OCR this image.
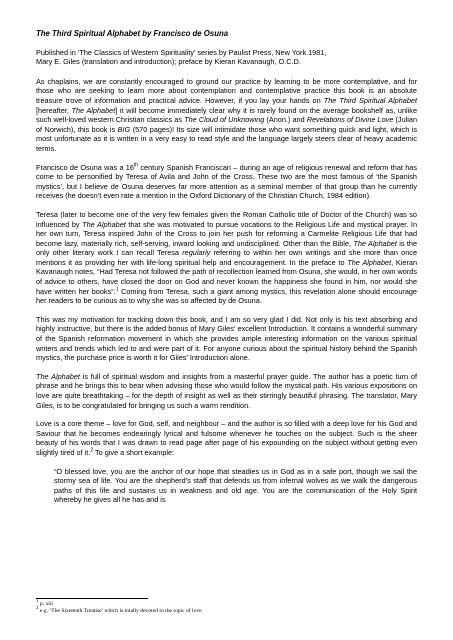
The Third Spiritual Alphabet by Francisco de Osuna

Published in ‘The Classics of Western Spirituality’ series by Paulist Press, New York.1981,
Mary E. Giles (translation and introduction); preface by Kieran Kavanaugh, O.C.D.

As chaplains, we are constantly encouraged to ground our practice by learning to be more contemplative, and for those who are seeking to learn more about contemplation and contemplative practice this book is an absolute treasure trove of information and practical advice. However, if you lay your hands on The Third Spiritual Alphabet [hereafter, The Alphabet] it will become immediately clear why it is rarely found on the average bookshelf as, unlike such well-loved western Christian classics as The Cloud of Unknowing (Anon.) and Revelations of Divine Love (Julian of Norwich), this book is BIG (570 pages)! Its size will intimidate those who want something quick and light, which is most unfortunate as it is written in a very easy to read style and the language largely steers clear of heavy academic terms.

Francisco de Osuna was a 16th century Spanish Franciscan – during an age of religious renewal and reform that has come to be personified by Teresa of Avila and John of the Cross. These two are the most famous of ‘the Spanish mystics’, but I believe de Osuna deserves far more attention as a seminal member of that group than he currently receives (he doesn’t even rate a mention in the Oxford Dictionary of the Christian Church, 1984 edition).

Teresa (later to become one of the very few females given the Roman Catholic title of Doctor of the Church) was so influenced by The Alphabet that she was motivated to pursue vocations to the Religious Life and mystical prayer. In her own turn, Teresa inspired John of the Cross to join her push for reforming a Carmelite Religious Life that had become lazy, materially rich, self-serving, inward looking and undisciplined. Other than the Bible, The Alphabet is the only other literary work I can recall Teresa regularly referring to within her own writings and she more than once mentions it as providing her with life-long spiritual help and encouragement. In the preface to The Alphabet, Kieran Kavanaugh notes, “Had Teresa not followed the path of recollection learned from Osuna, she would, in her own words of advice to others, have closed the door on God and never known the happiness she found in him, nor would she have written her books”.$^1$ Coming from Teresa, such a giant among mystics, this revelation alone should encourage her readers to be curious as to why she was so affected by de Osuna.

This was my motivation for tracking down this book, and I am so very glad I did. Not only is his text absorbing and highly instructive, but there is the added bonus of Mary Giles’ excellent Introduction. It contains a wonderful summary of the Spanish reformation movement in which she provides ample interesting information on the various spiritual writers and trends which led to and were part of it. For anyone curious about the spiritual history behind the Spanish mystics, the purchase price is worth it for Giles’ Introduction alone.

The Alphabet is full of spiritual wisdom and insights from a masterful prayer guide. The author has a poetic turn of phrase and he brings this to bear when advising those who would follow the mystical path. His various expositions on love are quite breathtaking – for the depth of insight as well as their stirringly beautiful phrasing. The translator, Mary Giles, is to be congratulated for bringing us such a warm rendition.

Love is a core theme – love for God, self, and neighbour – and the author is so filled with a deep love for his God and Saviour that he becomes endearingly lyrical and fulsome whenever he touches on the subject. Such is the sheer beauty of his words that I was drawn to read page after page of his expounding on the subject without getting even slightly tired of it.$^2$ To give a short example:

“O blessed love, you are the anchor of our hope that steadies us in God as in a safe port, though we sail the stormy sea of life. You are the shepherd’s staff that defends us from infernal wolves as we walk the dangerous paths of this life and sustains us in weakness and old age. You are the communication of the Holy Spirit whereby he gives all he has and is

$^1$ p. xiii
$^2$ e.g. ‘The Sixteenth Treatise’ which is totally devoted to the topic of love.
